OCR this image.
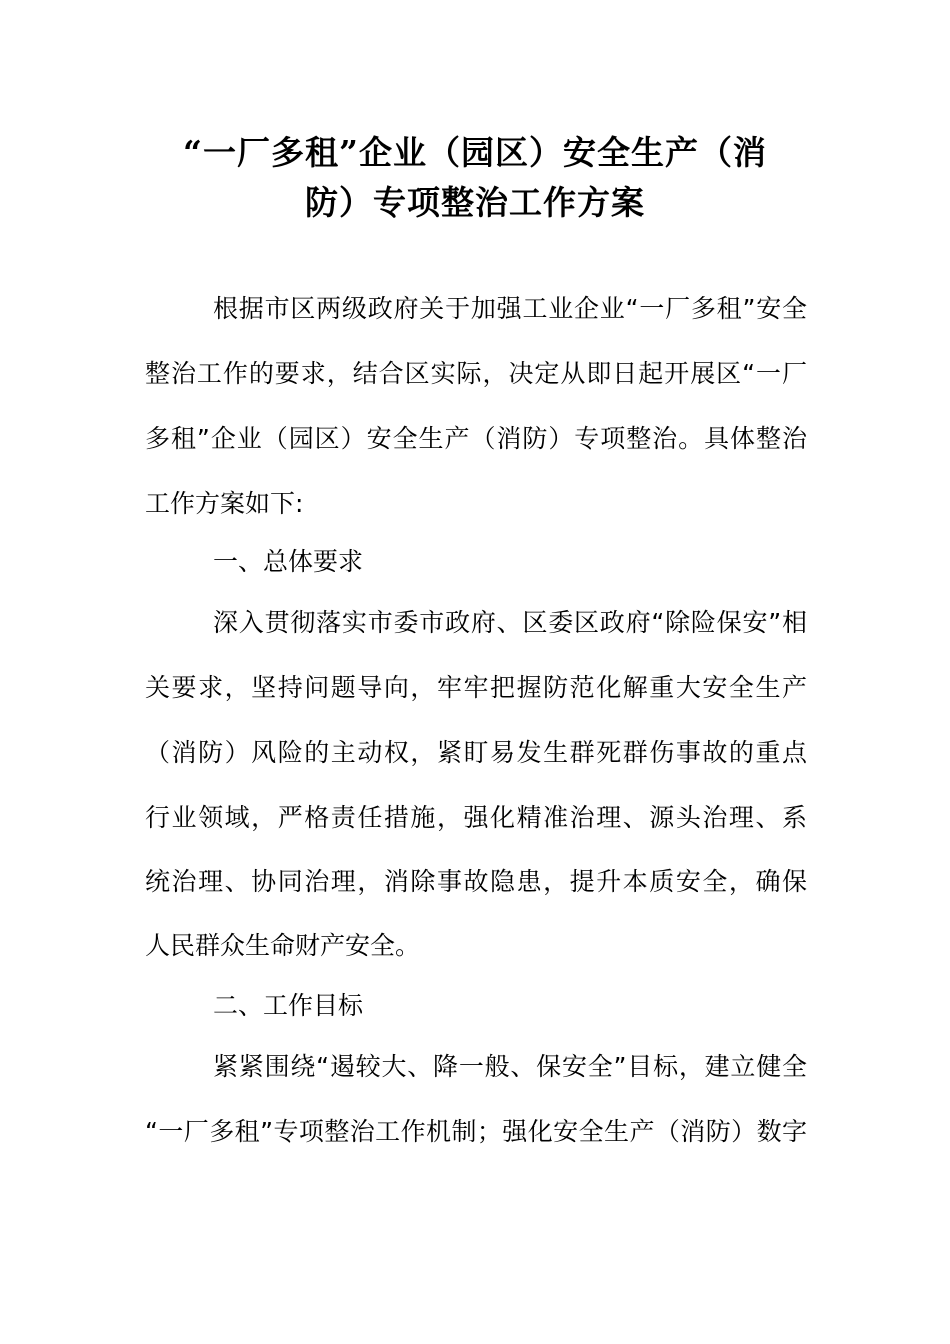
“一厂多租”企业（园区）安全生产（消
防）专项整治工作方案

根据市区两级政府关于加强工业企业“一厂多租”安全

整治工作的要求，结合区实际，决定从即日起开展区“一厂

多租”企业（园区）安全生产（消防）专项整治。具体整治

工作方案如下:

一、总体要求

深入贯彻落实市委市政府、区委区政府“除险保安”相

关要求，坚持问题导向，牢牢把握防范化解重大安全生产

（消防）风险的主动权，紧盯易发生群死群伤事故的重点

行业领域，严格责任措施，强化精准治理、源头治理、系

统治理、协同治理，消除事故隐患，提升本质安全，确保

人民群众生命财产安全。

二、工作目标

紧紧围绕“遏较大、降一般、保安全”目标，建立健全

“一厂多租”专项整治工作机制；强化安全生产（消防）数字
